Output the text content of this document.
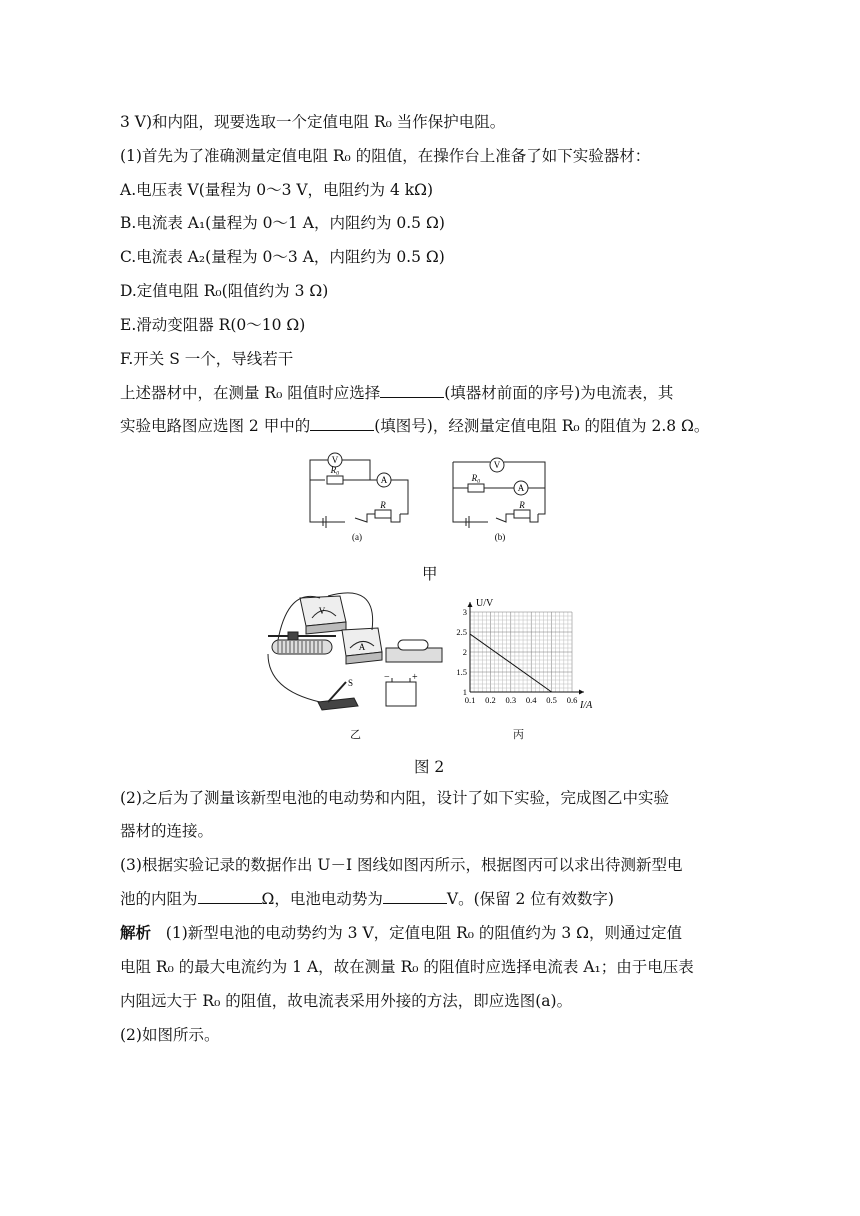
3 V)和内阻，现要选取一个定值电阻 R₀ 当作保护电阻。
(1)首先为了准确测量定值电阻 R₀ 的阻值，在操作台上准备了如下实验器材：
A.电压表 V(量程为 0～3 V，电阻约为 4 kΩ)
B.电流表 A₁(量程为 0～1 A，内阻约为 0.5 Ω)
C.电流表 A₂(量程为 0～3 A，内阻约为 0.5 Ω)
D.定值电阻 R₀(阻值约为 3 Ω)
E.滑动变阻器 R(0～10 Ω)
F.开关 S 一个，导线若干
上述器材中，在测量 R₀ 阻值时应选择	(填器材前面的序号)为电流表，其
实验电路图应选图 2 甲中的	(填图号)，经测量定值电阻 R₀ 的阻值为 2.8 Ω。
V
A
R₀
R
(a)
V
A
R₀
R
(b)
甲
V
A
S	− +
乙
0.1 0.2 0.3 0.4 0.5 0.6
1
1.5
2
2.5
3
U/V
I/A
丙
图 2
(2)之后为了测量该新型电池的电动势和内阻，设计了如下实验，完成图乙中实验
器材的连接。
(3)根据实验记录的数据作出 U－I 图线如图丙所示，根据图丙可以求出待测新型电
池的内阻为	Ω，电池电动势为	V。(保留 2 位有效数字)
解析 (1)新型电池的电动势约为 3 V，定值电阻 R₀ 的阻值约为 3 Ω，则通过定值
电阻 R₀ 的最大电流约为 1 A，故在测量 R₀ 的阻值时应选择电流表 A₁；由于电压表
内阻远大于 R₀ 的阻值，故电流表采用外接的方法，即应选图(a)。
(2)如图所示。
